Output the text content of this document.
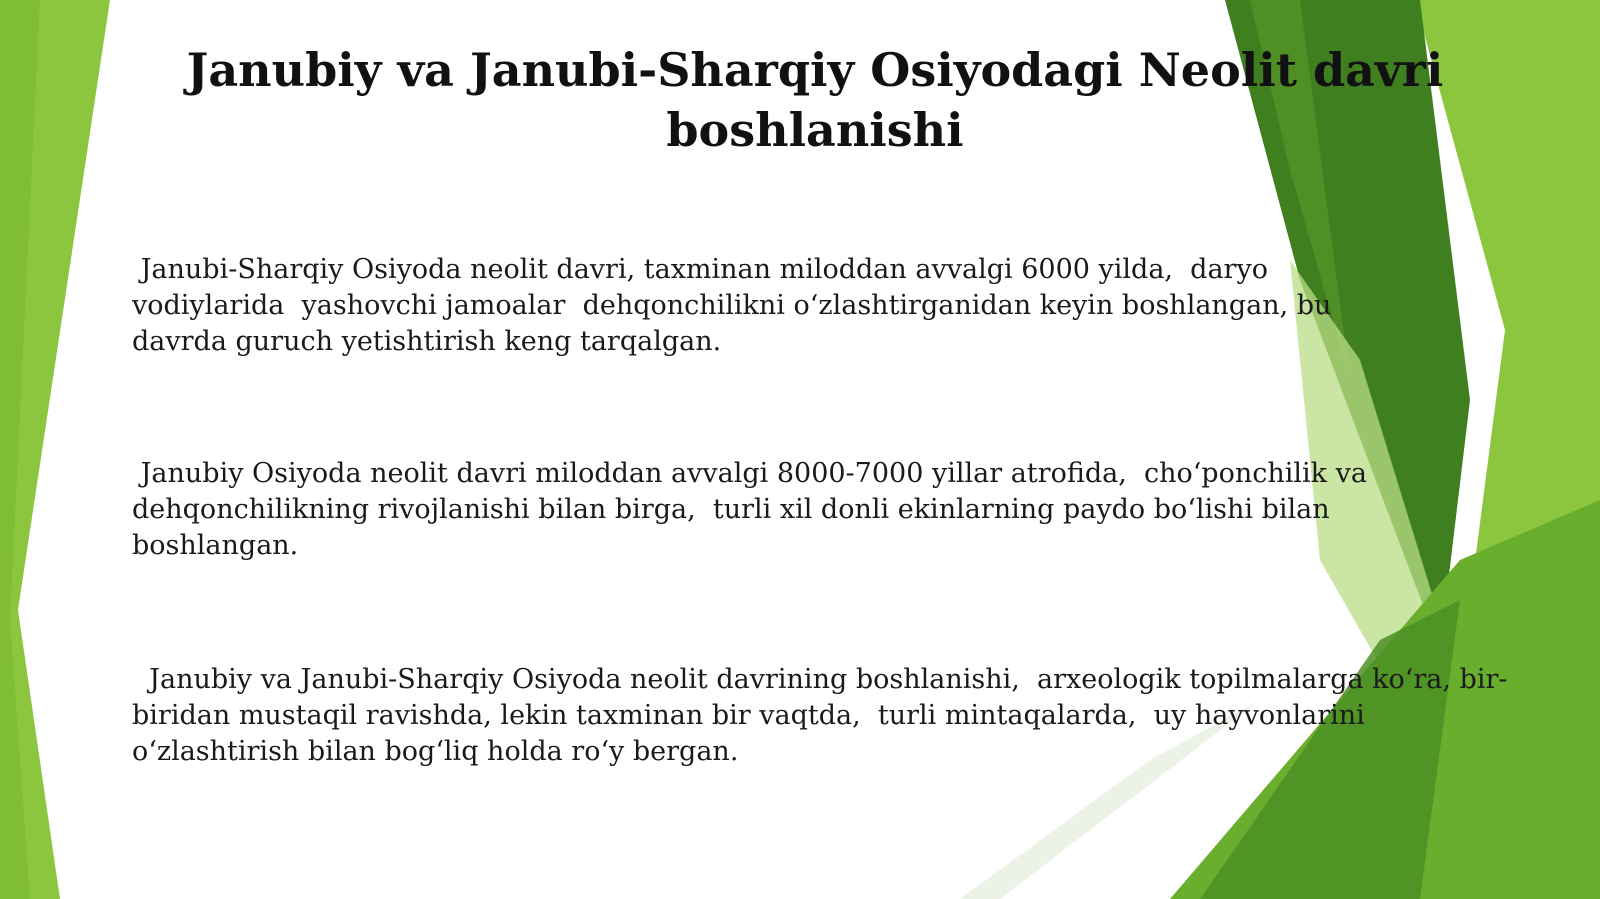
Janubiy va Janubi-Sharqiy Osiyodagi Neolit davri boshlanishi

Janubi-Sharqiy Osiyoda neolit davri, taxminan miloddan avvalgi 6000 yilda,  daryo vodiylarida  yashovchi jamoalar  dehqonchilikni o‘zlashtirganidan keyin boshlangan, bu davrda guruch yetishtirish keng tarqalgan.

Janubiy Osiyoda neolit davri miloddan avvalgi 8000-7000 yillar atrofida,  cho‘ponchilik va dehqonchilikning rivojlanishi bilan birga,  turli xil donli ekinlarning paydo bo‘lishi bilan boshlangan.

Janubiy va Janubi-Sharqiy Osiyoda neolit davrining boshlanishi,  arxeologik topilmalarga ko‘ra, bir-biridan mustaqil ravishda, lekin taxminan bir vaqtda,  turli mintaqalarda,  uy hayvonlarini o‘zlashtirish bilan bog‘liq holda ro‘y bergan.
